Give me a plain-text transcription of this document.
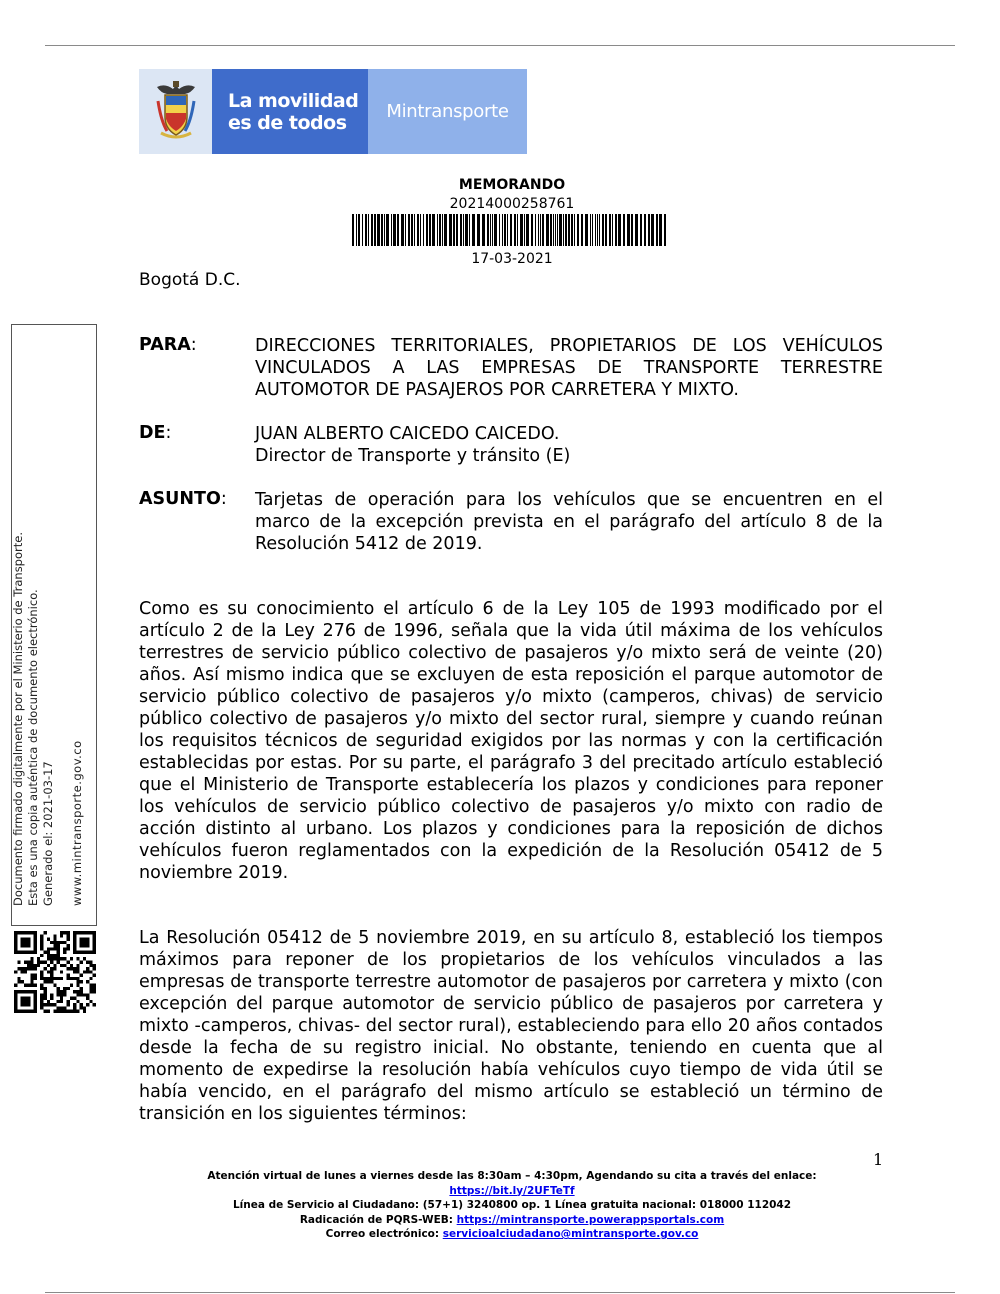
La movilidad
es de todos	Mintransporte
MEMORANDO
20214000258761
17-03-2021
Bogotá D.C.
PARA:	DIRECCIONES TERRITORIALES, PROPIETARIOS DE LOS VEHÍCULOS
VINCULADOS A LAS EMPRESAS DE TRANSPORTE TERRESTRE
AUTOMOTOR DE PASAJEROS POR CARRETERA Y MIXTO.
DE:	JUAN ALBERTO CAICEDO CAICEDO.
Director de Transporte y tránsito (E)
ASUNTO: Tarjetas de operación para los vehículos que se encuentren en el marco de la excepción prevista en el parágrafo del artículo 8 de la Resolución 5412 de 2019.
Como es su conocimiento el artículo 6 de la Ley 105 de 1993 modificado por el artículo 2 de la Ley 276 de 1996, señala que la vida útil máxima de los vehículos terrestres de servicio público colectivo de pasajeros y/o mixto será de veinte (20) años. Así mismo indica que se excluyen de esta reposición el parque automotor de servicio público colectivo de pasajeros y/o mixto (camperos, chivas) de servicio público colectivo de pasajeros y/o mixto del sector rural, siempre y cuando reúnan los requisitos técnicos de seguridad exigidos por las normas y con la certificación establecidas por estas. Por su parte, el parágrafo 3 del precitado artículo estableció que el Ministerio de Transporte establecería los plazos y condiciones para reponer los vehículos de servicio público colectivo de pasajeros y/o mixto con radio de acción distinto al urbano. Los plazos y condiciones para la reposición de dichos vehículos fueron reglamentados con la expedición de la Resolución 05412 de 5 noviembre 2019.
La Resolución 05412 de 5 noviembre 2019, en su artículo 8, estableció los tiempos máximos para reponer de los propietarios de los vehículos vinculados a las empresas de transporte terrestre automotor de pasajeros por carretera y mixto (con excepción del parque automotor de servicio público de pasajeros por carretera y mixto -camperos, chivas- del sector rural), estableciendo para ello 20 años contados desde la fecha de su registro inicial. No obstante, teniendo en cuenta que al momento de expedirse la resolución había vehículos cuyo tiempo de vida útil se había vencido, en el parágrafo del mismo artículo se estableció un término de transición en los siguientes términos:
1
Atención virtual de lunes a viernes desde las 8:30am – 4:30pm, Agendando su cita a través del enlace:
https://bit.ly/2UFTeTf
Línea de Servicio al Ciudadano: (57+1) 3240800 op. 1 Línea gratuita nacional: 018000 112042
Radicación de PQRS-WEB: https://mintransporte.powerappsportals.com
Correo electrónico: servicioalciudadano@mintransporte.gov.co
Documento firmado digitalmente por el Ministerio de Transporte. Esta es una copia auténtica de documento electrónico. Generado el: 2021-03-17 www.mintransporte.gov.co
